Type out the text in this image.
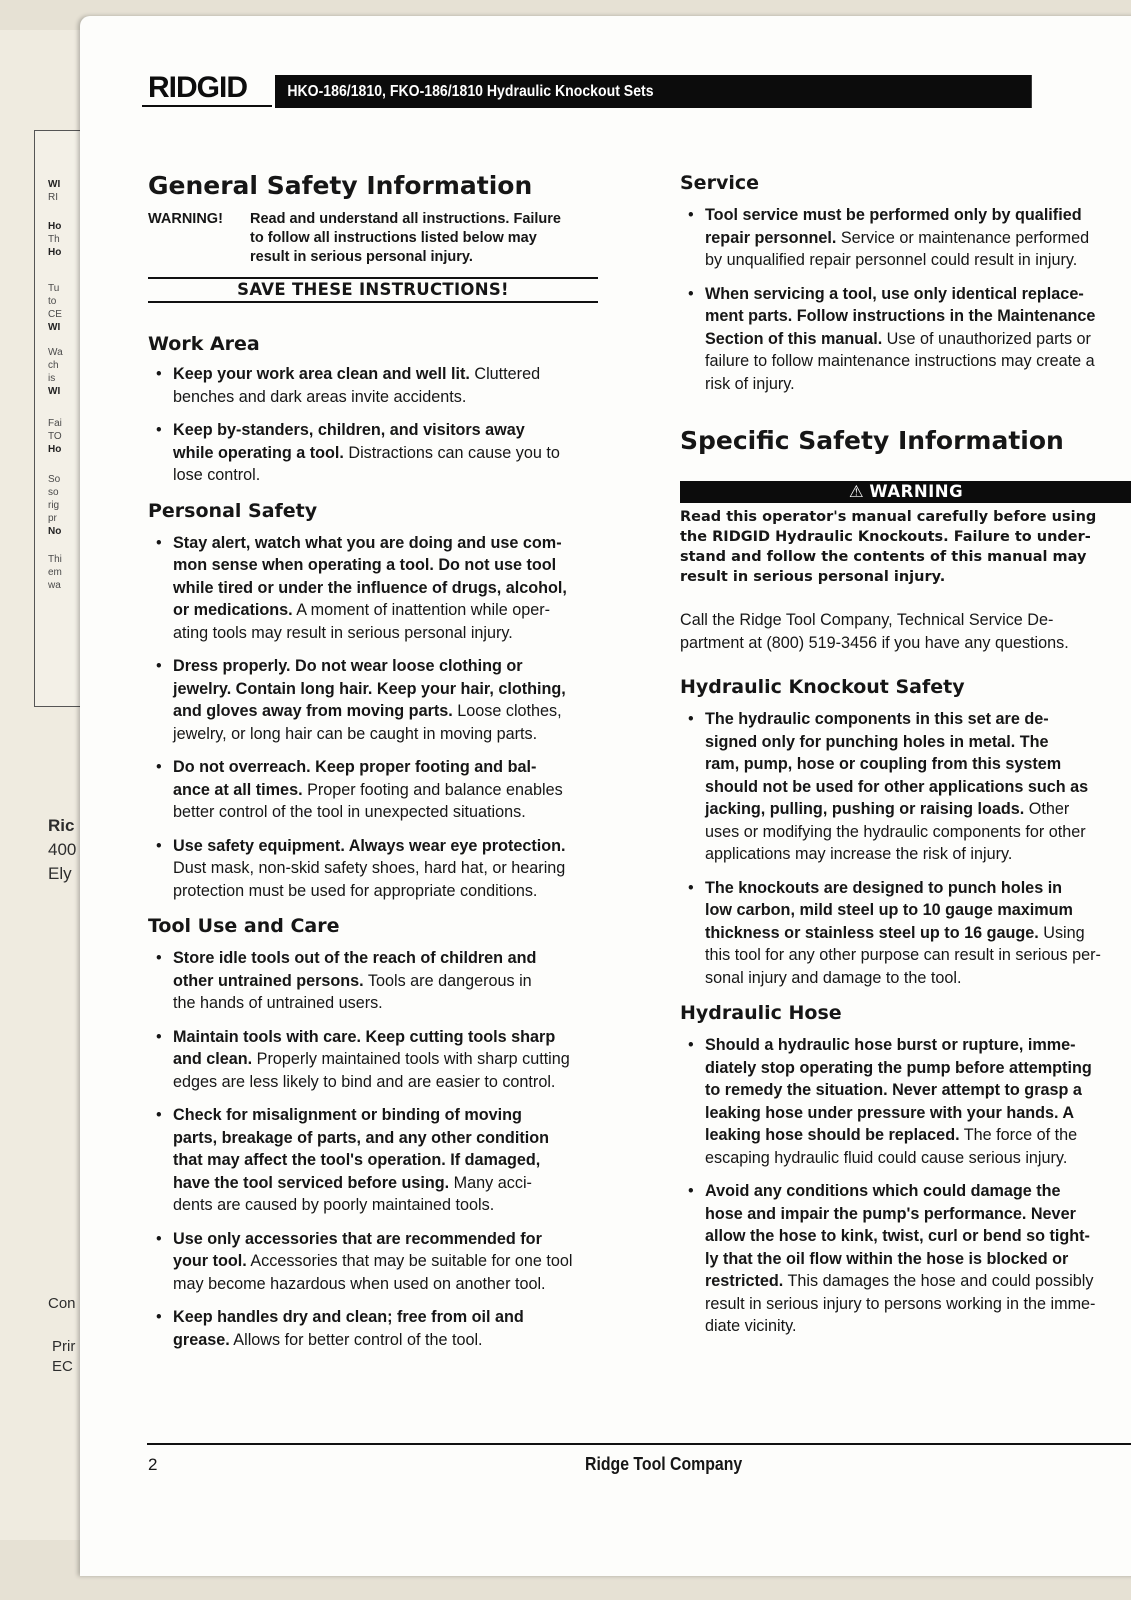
WI
RI
Ho
Th
Ho
Tu
to
CE
WI
Wa
ch
is
WI
Fai
TO
Ho
So
so
rig
pr
No
Thi
em
wa
Ric
400
Ely
Con
Prir
EC
RIDGID	HKO-186/1810, FKO-186/1810 Hydraulic Knockout Sets
General Safety Information
WARNING!	Read and understand all instructions. Failure
to follow all instructions listed below may
result in serious personal injury.
SAVE THESE INSTRUCTIONS!
Work Area
• Keep your work area clean and well lit. Cluttered
benches and dark areas invite accidents.
• Keep by-standers, children, and visitors away
while operating a tool. Distractions can cause you to
lose control.
Personal Safety
• Stay alert, watch what you are doing and use com-
mon sense when operating a tool. Do not use tool
while tired or under the influence of drugs, alcohol,
or medications. A moment of inattention while oper-
ating tools may result in serious personal injury.
• Dress properly. Do not wear loose clothing or
jewelry. Contain long hair. Keep your hair, clothing,
and gloves away from moving parts. Loose clothes,
jewelry, or long hair can be caught in moving parts.
• Do not overreach. Keep proper footing and bal-
ance at all times. Proper footing and balance enables
better control of the tool in unexpected situations.
• Use safety equipment. Always wear eye protection.
Dust mask, non-skid safety shoes, hard hat, or hearing
protection must be used for appropriate conditions.
Tool Use and Care
• Store idle tools out of the reach of children and
other untrained persons. Tools are dangerous in
the hands of untrained users.
• Maintain tools with care. Keep cutting tools sharp
and clean. Properly maintained tools with sharp cutting
edges are less likely to bind and are easier to control.
• Check for misalignment or binding of moving
parts, breakage of parts, and any other condition
that may affect the tool's operation. If damaged,
have the tool serviced before using. Many acci-
dents are caused by poorly maintained tools.
• Use only accessories that are recommended for
your tool. Accessories that may be suitable for one tool
may become hazardous when used on another tool.
• Keep handles dry and clean; free from oil and
grease. Allows for better control of the tool.
Service
• Tool service must be performed only by qualified
repair personnel. Service or maintenance performed
by unqualified repair personnel could result in injury.
• When servicing a tool, use only identical replace-
ment parts. Follow instructions in the Maintenance
Section of this manual. Use of unauthorized parts or
failure to follow maintenance instructions may create a
risk of injury.
Specific Safety Information
⚠ WARNING
Read this operator's manual carefully before using
the RIDGID Hydraulic Knockouts. Failure to under-
stand and follow the contents of this manual may
result in serious personal injury.
Call the Ridge Tool Company, Technical Service De-
partment at (800) 519-3456 if you have any questions.
Hydraulic Knockout Safety
• The hydraulic components in this set are de-
signed only for punching holes in metal. The
ram, pump, hose or coupling from this system
should not be used for other applications such as
jacking, pulling, pushing or raising loads. Other
uses or modifying the hydraulic components for other
applications may increase the risk of injury.
• The knockouts are designed to punch holes in
low carbon, mild steel up to 10 gauge maximum
thickness or stainless steel up to 16 gauge. Using
this tool for any other purpose can result in serious per-
sonal injury and damage to the tool.
Hydraulic Hose
• Should a hydraulic hose burst or rupture, imme-
diately stop operating the pump before attempting
to remedy the situation. Never attempt to grasp a
leaking hose under pressure with your hands. A
leaking hose should be replaced. The force of the
escaping hydraulic fluid could cause serious injury.
• Avoid any conditions which could damage the
hose and impair the pump's performance. Never
allow the hose to kink, twist, curl or bend so tight-
ly that the oil flow within the hose is blocked or
restricted. This damages the hose and could possibly
result in serious injury to persons working in the imme-
diate vicinity.
2	Ridge Tool Company
